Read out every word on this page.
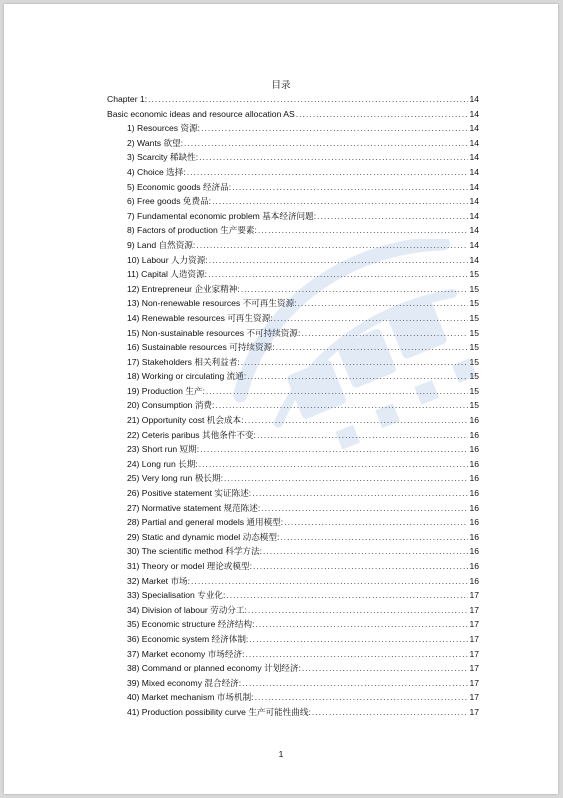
目录
Chapter 1: .....	14
Basic economic ideas and resource allocation AS .....	14
1) Resources 资源: .....	14
2) Wants 欲望: .....	14
3) Scarcity 稀缺性: .....	14
4) Choice 选择: .....	14
5) Economic goods 经济品: .....	14
6) Free goods 免费品: .....	14
7) Fundamental economic problem 基本经济问题: .....	14
8) Factors of production 生产要素: .....	14
9) Land 自然资源: .....	14
10) Labour 人力资源: .....	14
11) Capital 人造资源: .....	15
12) Entrepreneur 企业家精神: .....	15
13) Non-renewable resources 不可再生资源: .....	15
14) Renewable resources 可再生资源: .....	15
15) Non-sustainable resources 不可持续资源: .....	15
16) Sustainable resources 可持续资源: .....	15
17) Stakeholders 相关利益者: .....	15
18) Working or circulating 流通: .....	15
19) Production 生产: .....	15
20) Consumption 消费: .....	15
21) Opportunity cost 机会成本: .....	16
22) Ceteris paribus 其他条件不变: .....	16
23) Short run 短期: .....	16
24) Long run 长期: .....	16
25) Very long run 极长期: .....	16
26) Positive statement 实证陈述: .....	16
27) Normative statement 规范陈述: .....	16
28) Partial and general models 通用模型: .....	16
29) Static and dynamic model 动态模型: .....	16
30) The scientific method 科学方法: .....	16
31) Theory or model 理论或模型: .....	16
32) Market 市场: .....	16
33) Specialisation 专业化: .....	17
34) Division of labour 劳动分工: .....	17
35) Economic structure 经济结构: .....	17
36) Economic system 经济体制: .....	17
37) Market economy 市场经济: .....	17
38) Command or planned economy 计划经济: .....	17
39) Mixed economy 混合经济: .....	17
40) Market mechanism 市场机制: .....	17
41) Production possibility curve 生产可能性曲线: .....	17
1
